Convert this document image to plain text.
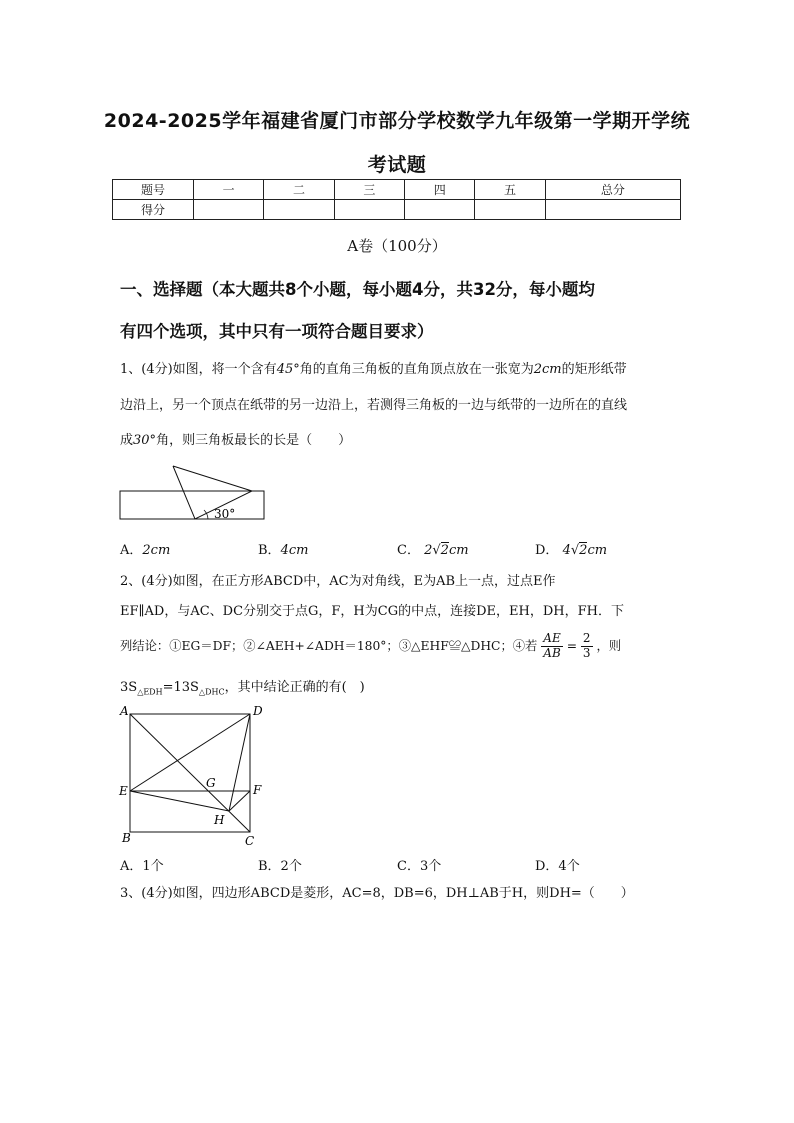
2024-2025学年福建省厦门市部分学校数学九年级第一学期开学统
考试题
题号	一	二	三	四	五	总分
得分						
A卷（100分）
一、选择题（本大题共8个小题，每小题4分，共32分，每小题均
有四个选项，其中只有一项符合题目要求）
1、(4分)如图，将一个含有45°角的直角三角板的直角顶点放在一张宽为2cm的矩形纸带
边沿上，另一个顶点在纸带的另一边沿上，若测得三角板的一边与纸带的一边所在的直线
成30°角，则三角板最长的长是（　　）
30°
A．2cm	B．4cm	C． 2√2cm	D． 4√2cm
2、(4分)如图，在正方形ABCD中，AC为对角线，E为AB上一点，过点E作
EF∥AD，与AC、DC分别交于点G，F，H为CG的中点，连接DE，EH，DH，FH．下
列结论：①EG＝DF；②∠AEH+∠ADH＝180°；③△EHF≌△DHC；④若 $\frac{AE}{AB} = \frac{2}{3}$ ，则
$3S_{\triangle EDH}=13S_{\triangle DHC}$，其中结论正确的有(　)
A	D
E	F
G
H
B	C
A．1个	B．2个	C．3个	D．4个
3、(4分)如图，四边形ABCD是菱形，AC=8，DB=6，DH⊥AB于H，则DH=（　　）
